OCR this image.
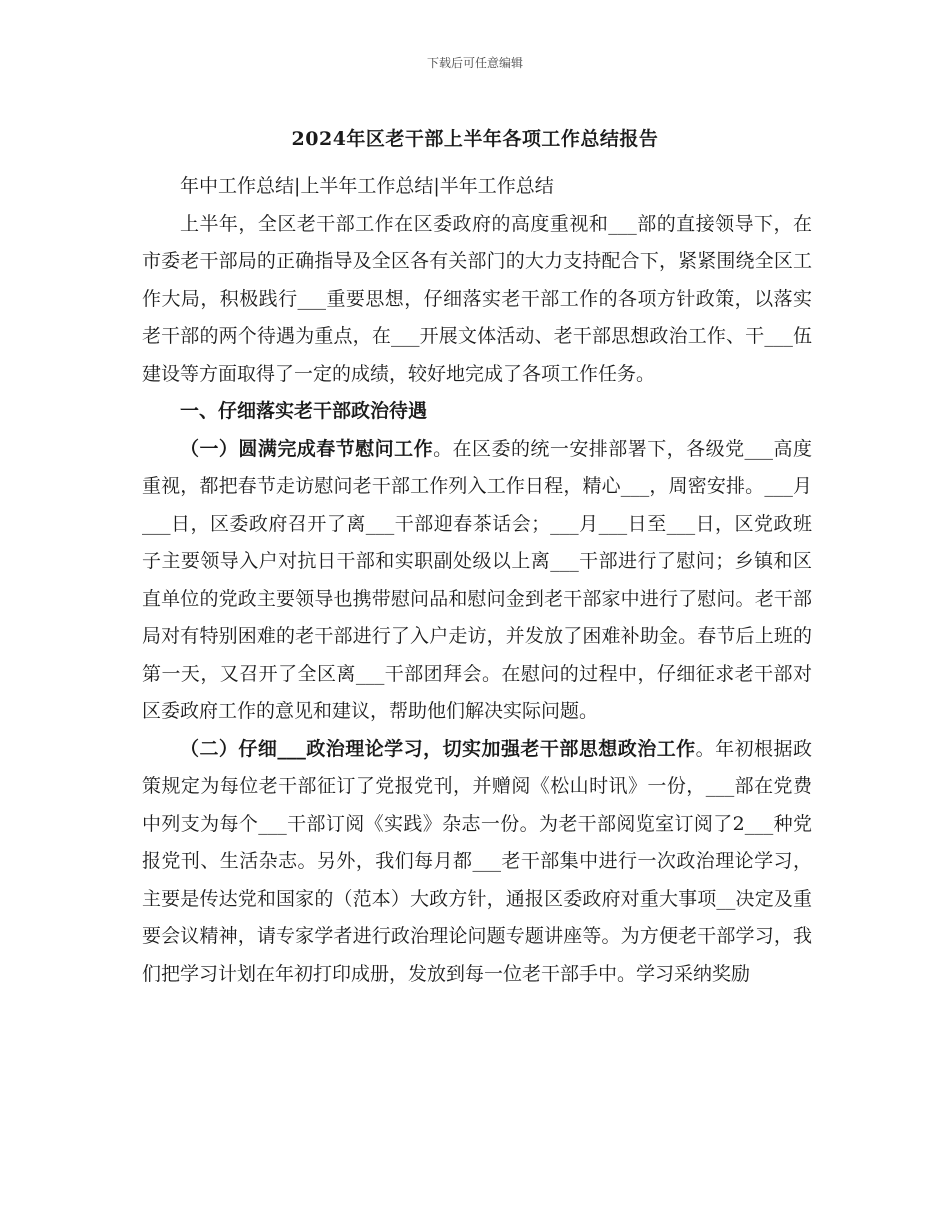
下载后可任意编辑
2024年区老干部上半年各项工作总结报告

年中工作总结|上半年工作总结|半年工作总结

上半年，全区老干部工作在区委政府的高度重视和___部的直接领导下，在市委老干部局的正确指导及全区各有关部门的大力支持配合下，紧紧围绕全区工作大局，积极践行___重要思想，仔细落实老干部工作的各项方针政策，以落实老干部的两个待遇为重点，在___开展文体活动、老干部思想政治工作、干___伍建设等方面取得了一定的成绩，较好地完成了各项工作任务。

一、仔细落实老干部政治待遇

（一）圆满完成春节慰问工作。在区委的统一安排部署下，各级党___高度重视，都把春节走访慰问老干部工作列入工作日程，精心___，周密安排。___月___日，区委政府召开了离___干部迎春茶话会；___月___日至___日，区党政班子主要领导入户对抗日干部和实职副处级以上离___干部进行了慰问；乡镇和区直单位的党政主要领导也携带慰问品和慰问金到老干部家中进行了慰问。老干部局对有特别困难的老干部进行了入户走访，并发放了困难补助金。春节后上班的第一天，又召开了全区离___干部团拜会。在慰问的过程中，仔细征求老干部对区委政府工作的意见和建议，帮助他们解决实际问题。

（二）仔细___政治理论学习，切实加强老干部思想政治工作。年初根据政策规定为每位老干部征订了党报党刊，并赠阅《松山时讯》一份，___部在党费中列支为每个___干部订阅《实践》杂志一份。为老干部阅览室订阅了2___种党报党刊、生活杂志。另外，我们每月都___老干部集中进行一次政治理论学习，主要是传达党和国家的（范本）大政方针，通报区委政府对重大事项__决定及重要会议精神，请专家学者进行政治理论问题专题讲座等。为方便老干部学习，我们把学习计划在年初打印成册，发放到每一位老干部手中。学习采纳奖励
